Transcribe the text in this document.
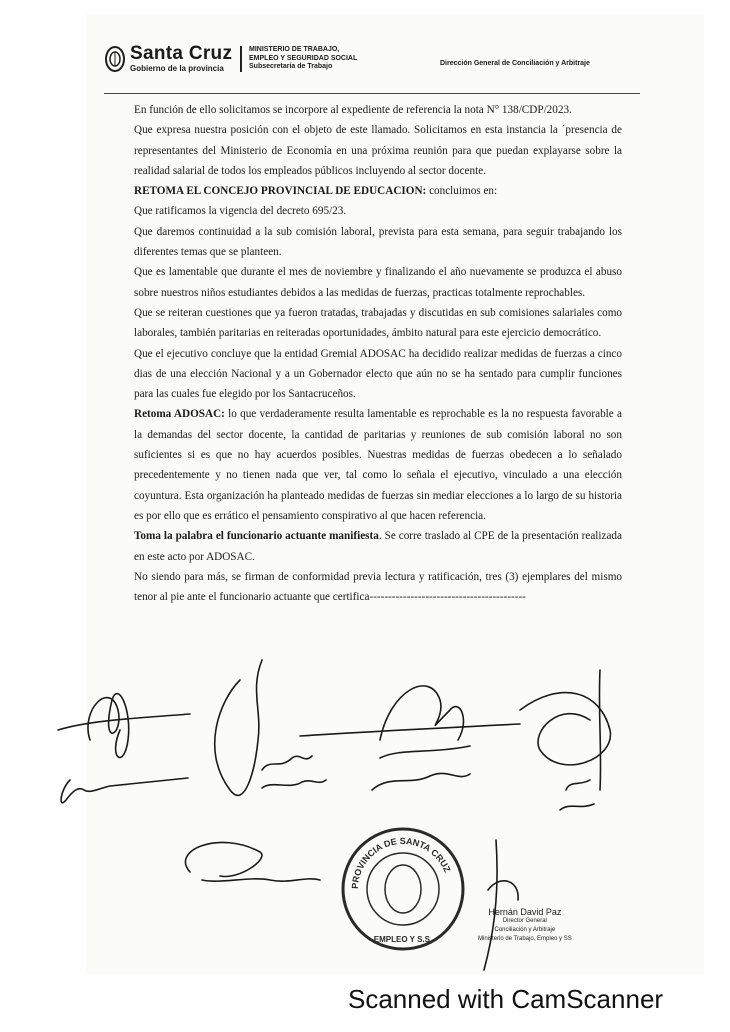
Santa Cruz
Gobierno de la provincia
MINISTERIO DE TRABAJO,
EMPLEO Y SEGURIDAD SOCIAL
Subsecretaría de Trabajo	Dirección General de Conciliación y Arbitraje

En función de ello solicitamos se incorpore al expediente de referencia la nota N° 138/CDP/2023.

Que expresa nuestra posición con el objeto de este llamado. Solicitamos en esta instancia la ´presencia de representantes del Ministerio de Economía en una próxima reunión para que puedan explayarse sobre la realidad salarial de todos los empleados públicos incluyendo al sector docente.

RETOMA EL CONCEJO PROVINCIAL DE EDUCACION: concluimos en:

Que ratificamos la vigencia del decreto 695/23.

Que daremos continuidad a la sub comisión laboral, prevista para esta semana, para seguir trabajando los diferentes temas que se planteen.

Que es lamentable que durante el mes de noviembre y finalizando el año nuevamente se produzca el abuso sobre nuestros niños estudiantes debidos a las medidas de fuerzas, practicas totalmente reprochables.

Que se reiteran cuestiones que ya fueron tratadas, trabajadas y discutidas en sub comisiones salariales como laborales, también paritarias en reiteradas oportunidades, ámbito natural para este ejercicio democrático.

Que el ejecutivo concluye que la entidad Gremial ADOSAC ha decidido realizar medidas de fuerzas a cinco dias de una elección Nacional y a un Gobernador electo que aún no se ha sentado para cumplir funciones para las cuales fue elegido por los Santacruceños.

Retoma ADOSAC: lo que verdaderamente resulta lamentable es reprochable es la no respuesta favorable a la demandas del sector docente, la cantidad de paritarias y reuniones de sub comisión laboral no son suficientes si es que no hay acuerdos posibles. Nuestras medidas de fuerzas obedecen a lo señalado precedentemente y no tienen nada que ver, tal como lo señala el ejecutivo, vinculado a una elección coyuntura. Esta organización ha planteado medidas de fuerzas sin mediar elecciones a lo largo de su historia es por ello que es errático el pensamiento conspirativo al que hacen referencia.

Toma la palabra el funcionario actuante manifiesta. Se corre traslado al CPE de la presentación realizada en este acto por ADOSAC.

No siendo para más, se firman de conformidad previa lectura y ratificación, tres (3) ejemplares del mismo tenor al pie ante el funcionario actuante que certifica------------------------------------------

PROVINCIA DE SANTA CRUZ
EMPLEO Y S.S.
Hernán David Paz
Director General
Conciliación y Arbitraje
Ministerio de Trabajo, Empleo y SS
Scanned with CamScanner
